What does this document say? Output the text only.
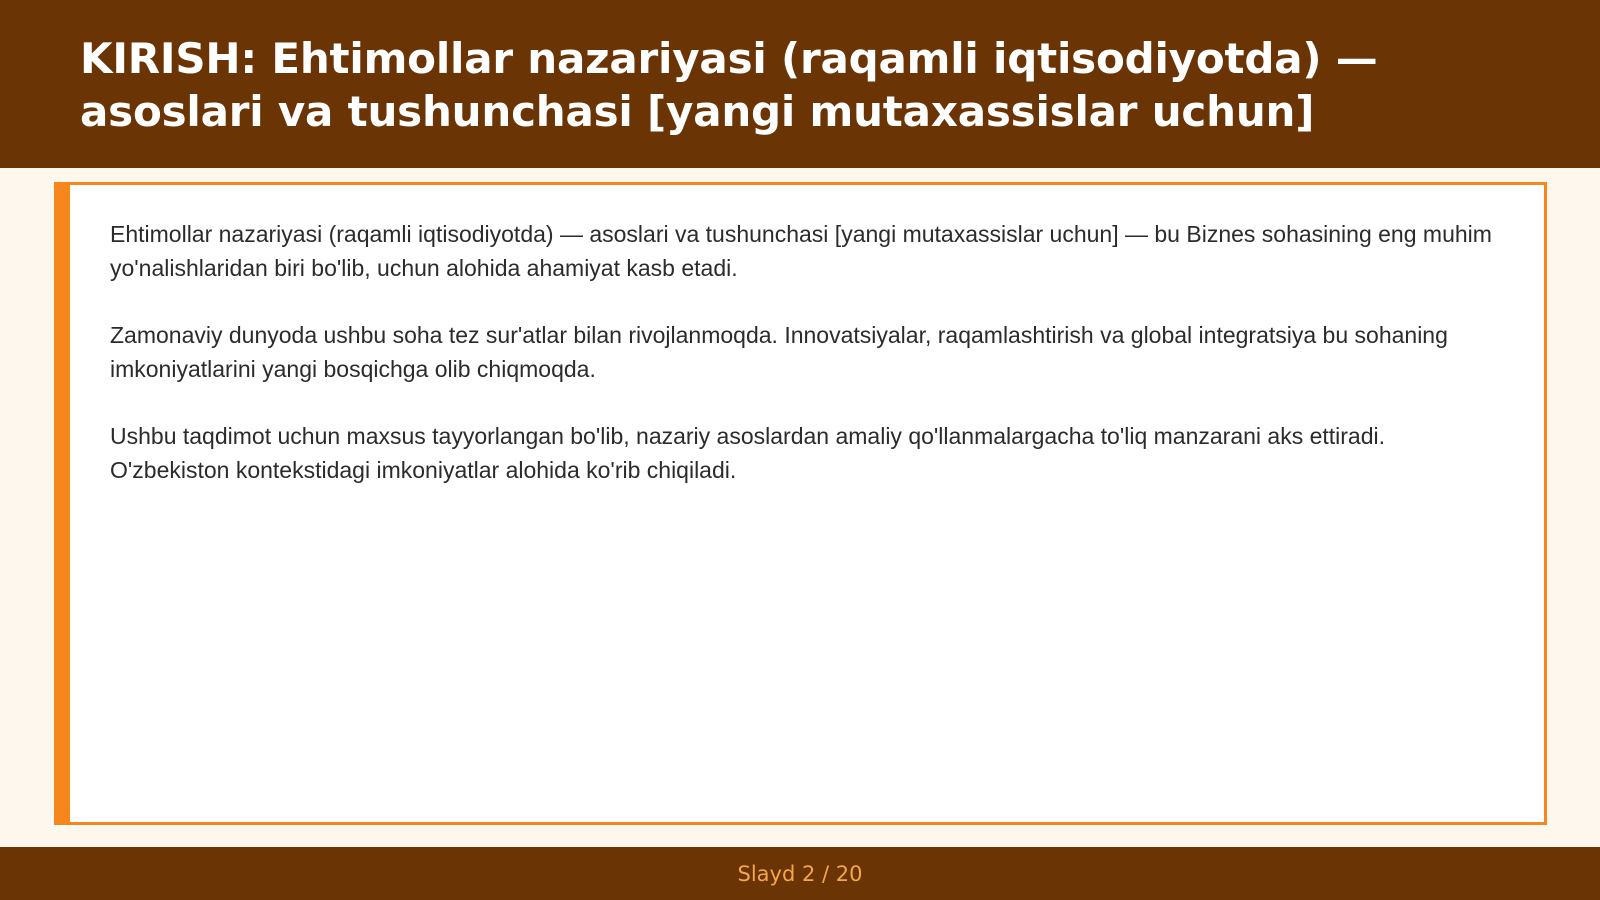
KIRISH: Ehtimollar nazariyasi (raqamli iqtisodiyotda) — asoslari va tushunchasi [yangi mutaxassislar uchun]

Ehtimollar nazariyasi (raqamli iqtisodiyotda) — asoslari va tushunchasi [yangi mutaxassislar uchun] — bu Biznes sohasining eng muhim yo'nalishlaridan biri bo'lib, uchun alohida ahamiyat kasb etadi.

Zamonaviy dunyoda ushbu soha tez sur'atlar bilan rivojlanmoqda. Innovatsiyalar, raqamlashtirish va global integratsiya bu sohaning imkoniyatlarini yangi bosqichga olib chiqmoqda.

Ushbu taqdimot uchun maxsus tayyorlangan bo'lib, nazariy asoslardan amaliy qo'llanmalargacha to'liq manzarani aks ettiradi. O'zbekiston kontekstidagi imkoniyatlar alohida ko'rib chiqiladi.

Slayd 2 / 20
